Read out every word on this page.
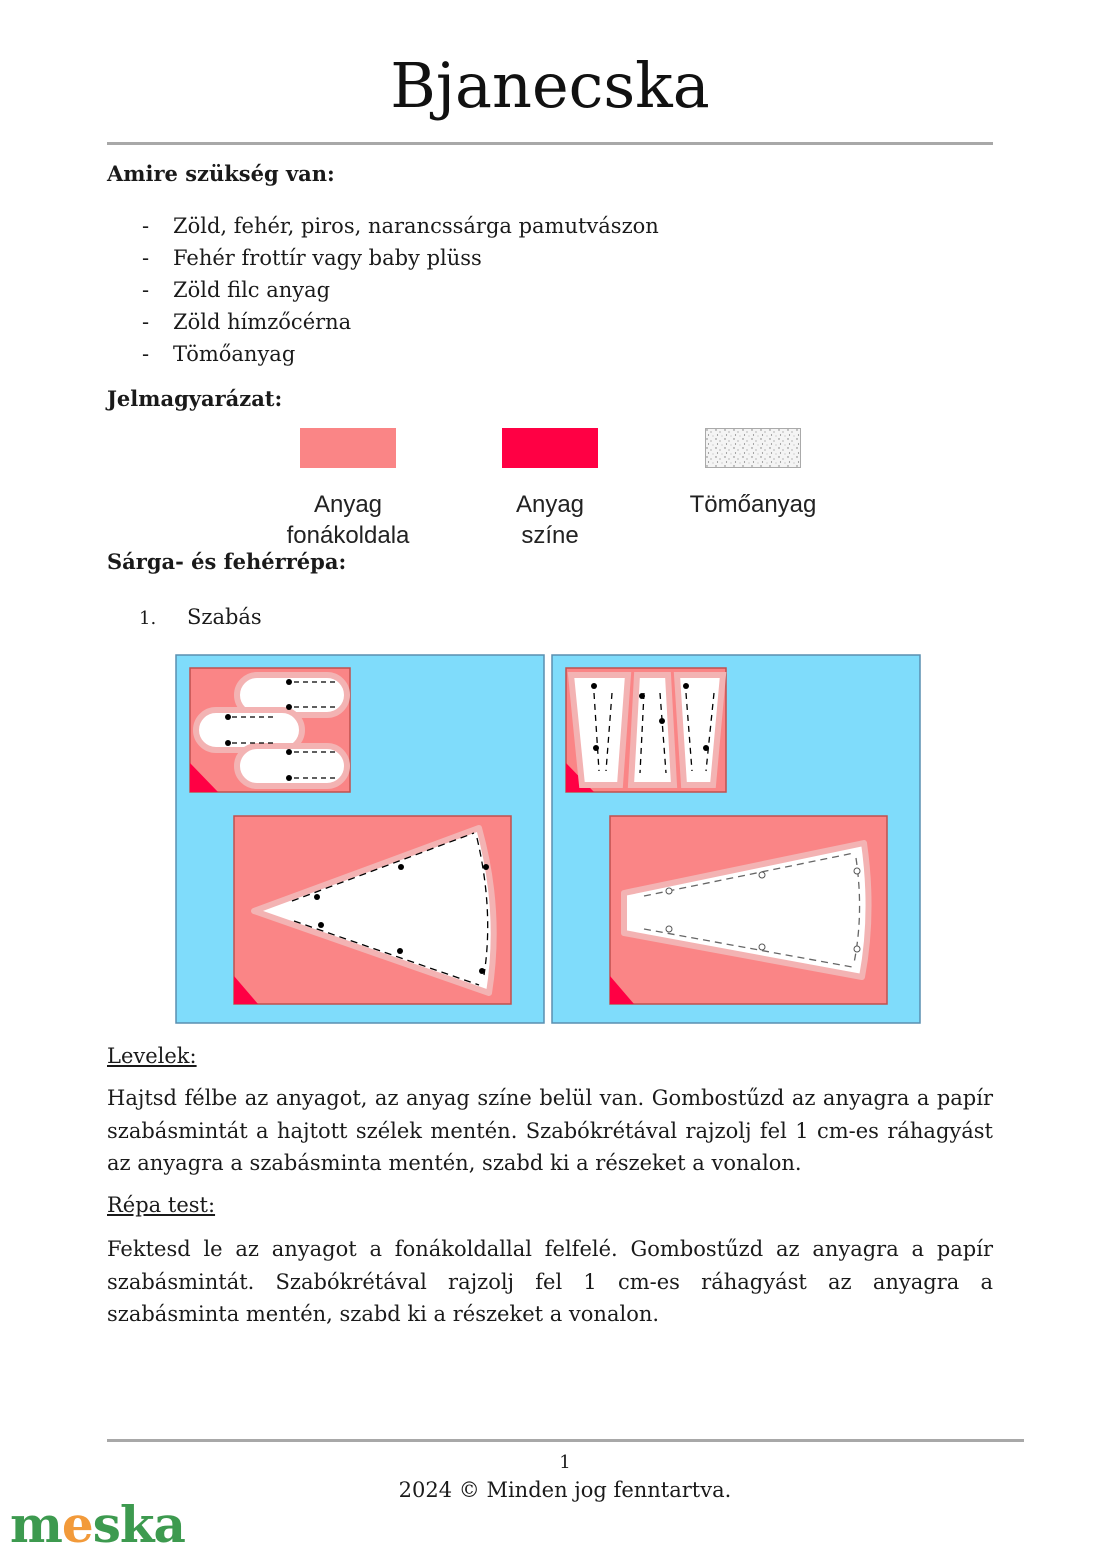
Bjanecska
Amire szükség van:
- Zöld, fehér, piros, narancssárga pamutvászon
- Fehér frottír vagy baby plüss
- Zöld filc anyag
- Zöld hímzőcérna
- Tömőanyag
Jelmagyarázat:
Anyag
fonákoldala
Anyag
színe
Tömőanyag
Sárga- és fehérrépa:
1. Szabás
Levelek:
Hajtsd félbe az anyagot, az anyag színe belül van. Gombostűzd az anyagra a papír szabásmintát a hajtott szélek mentén. Szabókrétával rajzolj fel 1 cm-es ráhagyást az anyagra a szabásminta mentén, szabd ki a részeket a vonalon.
Répa test:
Fektesd le az anyagot a fonákoldallal felfelé. Gombostűzd az anyagra a papír szabásmintát. Szabókrétával rajzolj fel 1 cm-es ráhagyást az anyagra a szabásminta mentén, szabd ki a részeket a vonalon.
1
2024 © Minden jog fenntartva.
meska
